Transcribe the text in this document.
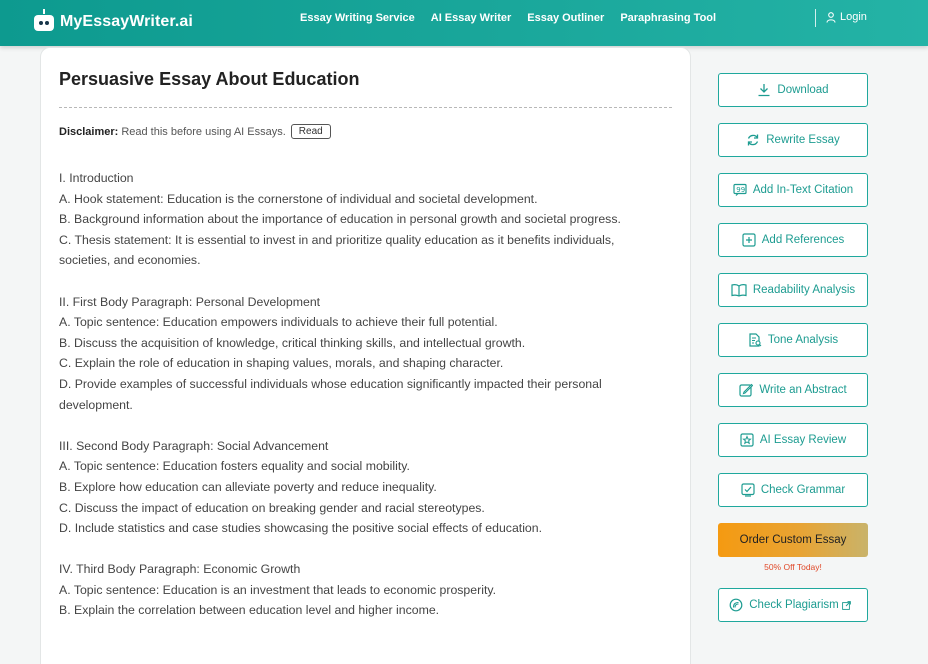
MyEssayWriter.ai	Essay Writing Service AI Essay Writer Essay Outliner Paraphrasing Tool	Login
Persuasive Essay About Education
Disclaimer: Read this before using AI Essays.	Read
I. Introduction
A. Hook statement: Education is the cornerstone of individual and societal development.
B. Background information about the importance of education in personal growth and societal progress.
C. Thesis statement: It is essential to invest in and prioritize quality education as it benefits individuals,
societies, and economies.
II. First Body Paragraph: Personal Development
A. Topic sentence: Education empowers individuals to achieve their full potential.
B. Discuss the acquisition of knowledge, critical thinking skills, and intellectual growth.
C. Explain the role of education in shaping values, morals, and shaping character.
D. Provide examples of successful individuals whose education significantly impacted their personal
development.
III. Second Body Paragraph: Social Advancement
A. Topic sentence: Education fosters equality and social mobility.
B. Explore how education can alleviate poverty and reduce inequality.
C. Discuss the impact of education on breaking gender and racial stereotypes.
D. Include statistics and case studies showcasing the positive social effects of education.
IV. Third Body Paragraph: Economic Growth
A. Topic sentence: Education is an investment that leads to economic prosperity.
B. Explain the correlation between education level and higher income.
Download
Rewrite Essay
99 Add In-Text Citation
Add References
Readability Analysis
Tone Analysis
Write an Abstract
AI Essay Review
Check Grammar
Order Custom Essay
50% Off Today!
Check Plagiarism
